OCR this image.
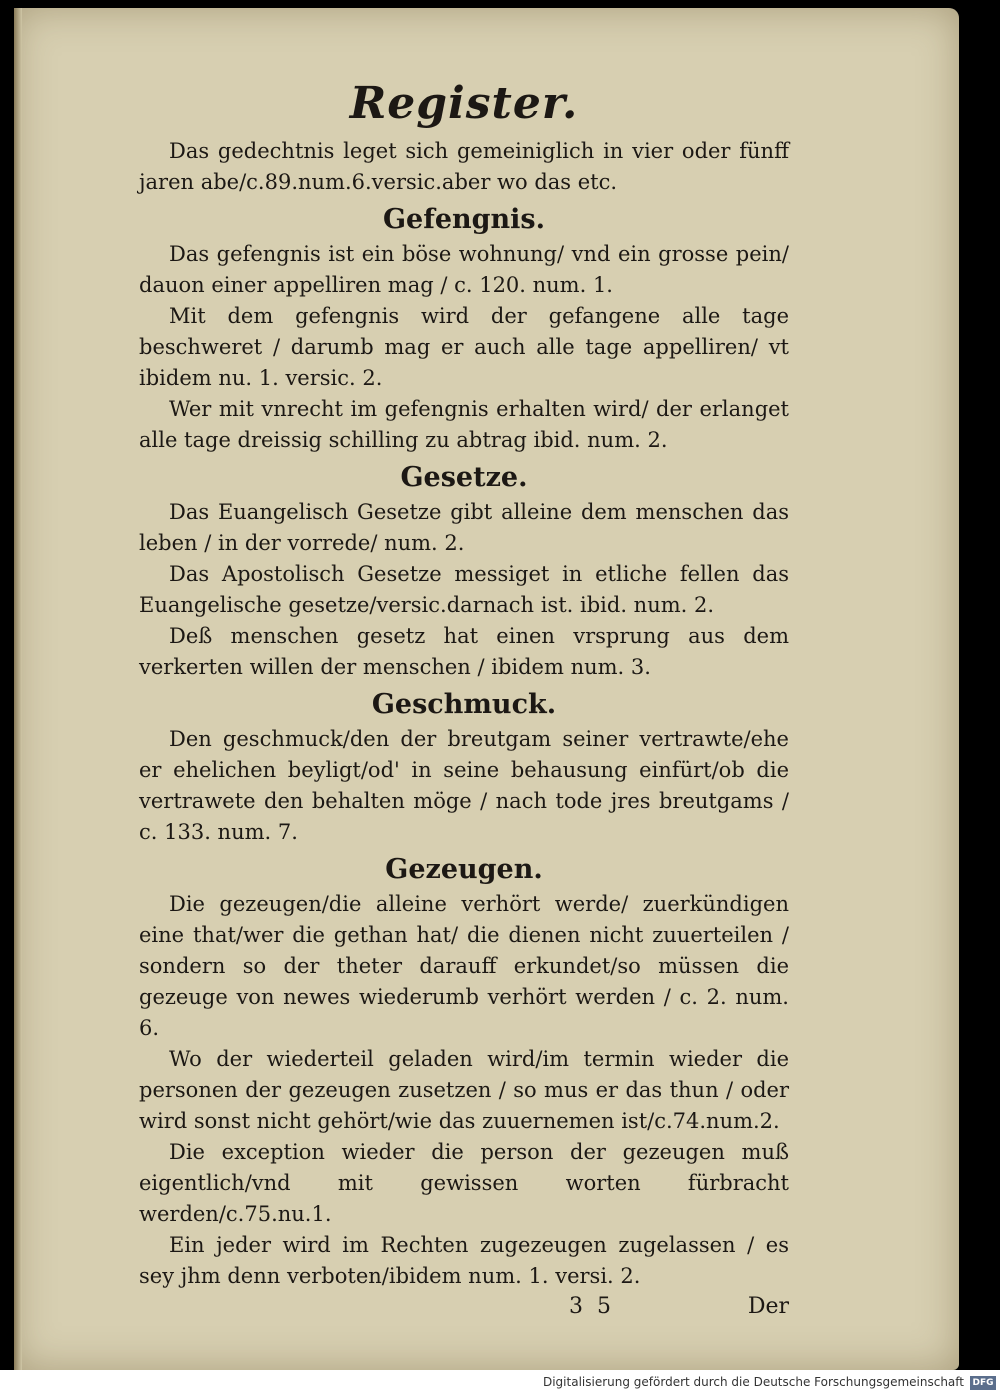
Register.

Das gedechtnis leget sich gemeiniglich in vier oder fünff jaren abe/c.89.num.6.versic.aber wo das etc.

Gefengnis.

Das gefengnis ist ein böse wohnung/ vnd ein grosse pein/ dauon einer appelliren mag / c. 120. num. 1.

Mit dem gefengnis wird der gefangene alle tage beschweret / darumb mag er auch alle tage appelliren/ vt ibidem nu. 1. versic. 2.

Wer mit vnrecht im gefengnis erhalten wird/ der erlanget alle tage dreissig schilling zu abtrag ibid. num. 2.

Gesetze.

Das Euangelisch Gesetze gibt alleine dem menschen das leben / in der vorrede/ num. 2.

Das Apostolisch Gesetze messiget in etliche fellen das Euangelische gesetze/versic.darnach ist. ibid. num. 2.

Deß menschen gesetz hat einen vrsprung aus dem verkerten willen der menschen / ibidem num. 3.

Geschmuck.

Den geschmuck/den der breutgam seiner vertrawte/ehe er ehelichen beyligt/od' in seine behausung einfürt/ob die vertrawete den behalten möge / nach tode jres breutgams / c. 133. num. 7.

Gezeugen.

Die gezeugen/die alleine verhört werde/ zuerkündigen eine that/wer die gethan hat/ die dienen nicht zuuerteilen / sondern so der theter darauff erkundet/so müssen die gezeuge von newes wiederumb verhört werden / c. 2. num. 6.

Wo der wiederteil geladen wird/im termin wieder die personen der gezeugen zusetzen / so mus er das thun / oder wird sonst nicht gehört/wie das zuuernemen ist/c.74.num.2.

Die exception wieder die person der gezeugen muß eigentlich/vnd mit gewissen worten fürbracht werden/c.75.nu.1.

Ein jeder wird im Rechten zugezeugen zugelassen / es sey jhm denn verboten/ibidem num. 1. versi. 2.

35	Der
Digitalisierung gefördert durch die Deutsche Forschungsgemeinschaft DFG
